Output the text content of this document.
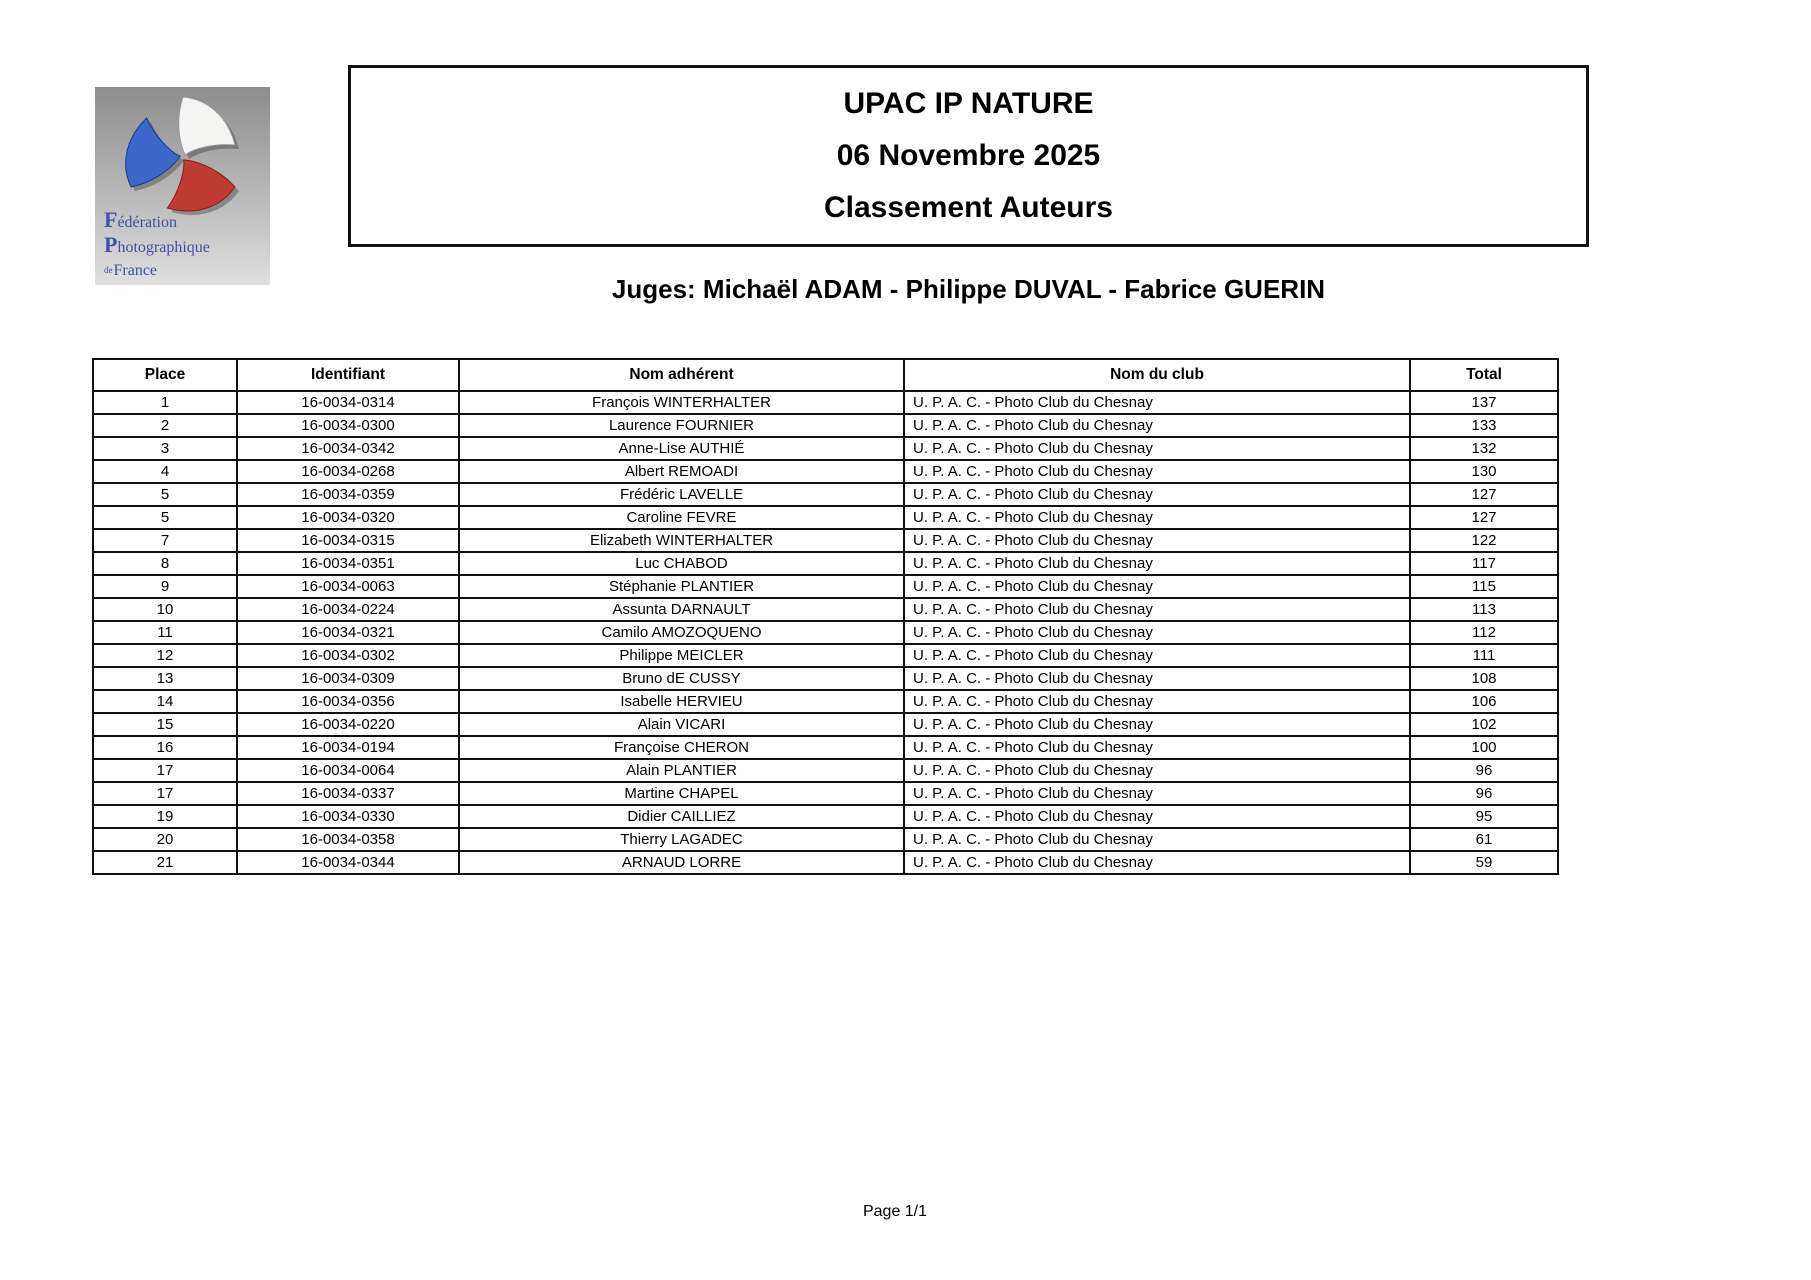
Fédération
Photographique
deFrance
UPAC IP NATURE
06 Novembre 2025
Classement Auteurs
Juges: Michaël ADAM - Philippe DUVAL - Fabrice GUERIN
Place	Identifiant	Nom adhérent	Nom du club	Total
1	16-0034-0314	François WINTERHALTER	U. P. A. C. - Photo Club du Chesnay	137
2	16-0034-0300	Laurence FOURNIER	U. P. A. C. - Photo Club du Chesnay	133
3	16-0034-0342	Anne-Lise AUTHIÉ	U. P. A. C. - Photo Club du Chesnay	132
4	16-0034-0268	Albert REMOADI	U. P. A. C. - Photo Club du Chesnay	130
5	16-0034-0359	Frédéric LAVELLE	U. P. A. C. - Photo Club du Chesnay	127
5	16-0034-0320	Caroline FEVRE	U. P. A. C. - Photo Club du Chesnay	127
7	16-0034-0315	Elizabeth WINTERHALTER	U. P. A. C. - Photo Club du Chesnay	122
8	16-0034-0351	Luc CHABOD	U. P. A. C. - Photo Club du Chesnay	117
9	16-0034-0063	Stéphanie PLANTIER	U. P. A. C. - Photo Club du Chesnay	115
10	16-0034-0224	Assunta DARNAULT	U. P. A. C. - Photo Club du Chesnay	113
11	16-0034-0321	Camilo AMOZOQUENO	U. P. A. C. - Photo Club du Chesnay	112
12	16-0034-0302	Philippe MEICLER	U. P. A. C. - Photo Club du Chesnay	111
13	16-0034-0309	Bruno dE CUSSY	U. P. A. C. - Photo Club du Chesnay	108
14	16-0034-0356	Isabelle HERVIEU	U. P. A. C. - Photo Club du Chesnay	106
15	16-0034-0220	Alain VICARI	U. P. A. C. - Photo Club du Chesnay	102
16	16-0034-0194	Françoise CHERON	U. P. A. C. - Photo Club du Chesnay	100
17	16-0034-0064	Alain PLANTIER	U. P. A. C. - Photo Club du Chesnay	96
17	16-0034-0337	Martine CHAPEL	U. P. A. C. - Photo Club du Chesnay	96
19	16-0034-0330	Didier CAILLIEZ	U. P. A. C. - Photo Club du Chesnay	95
20	16-0034-0358	Thierry LAGADEC	U. P. A. C. - Photo Club du Chesnay	61
21	16-0034-0344	ARNAUD LORRE	U. P. A. C. - Photo Club du Chesnay	59
Page 1/1
